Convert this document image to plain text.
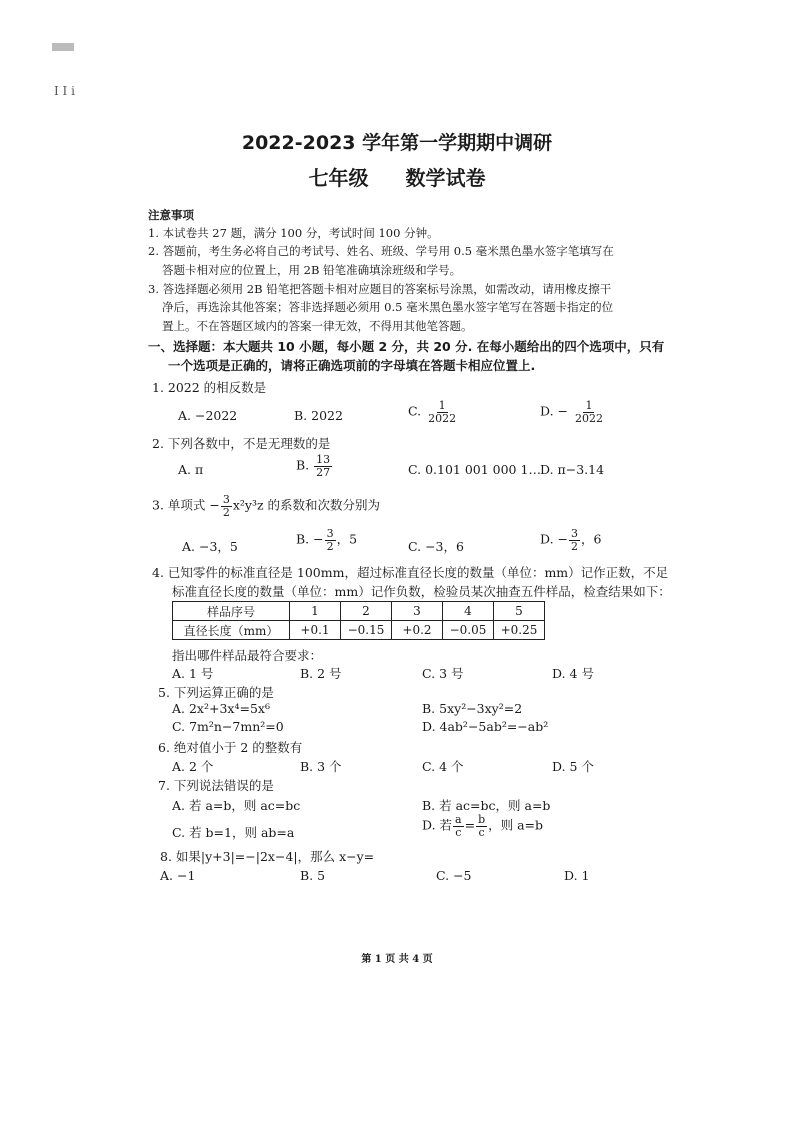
I I i
2022-2023 学年第一学期期中调研
七年级 数学试卷
注意事项
1. 本试卷共 27 题，满分 100 分，考试时间 100 分钟。
2. 答题前，考生务必将自己的考试号、姓名、班级、学号用 0.5 毫米黑色墨水签字笔填写在
答题卡相对应的位置上，用 2B 铅笔准确填涂班级和学号。
3. 答选择题必须用 2B 铅笔把答题卡相对应题目的答案标号涂黑，如需改动，请用橡皮擦干
净后，再选涂其他答案；答非选择题必须用 0.5 毫米黑色墨水签字笔写在答题卡指定的位
置上。不在答题区域内的答案一律无效，不得用其他笔答题。
一、选择题：本大题共 10 小题，每小题 2 分，共 20 分. 在每小题给出的四个选项中，只有
一个选项是正确的，请将正确选项前的字母填在答题卡相应位置上.
1. 2022 的相反数是
A. −2022	B. 2022	C. $\frac{1}{2022}$	D. − $\frac{1}{2022}$
2. 下列各数中，不是无理数的是
A. π	B. $\frac{13}{27}$	C. 0.101 001 000 1… D. π−3.14
3. 单项式 − $\frac{3}{2} x^2y^3z$ 的系数和次数分别为
A. −3，5	B. − $\frac{3}{2}$ ，5	C. −3，6	D. − $\frac{3}{2}$ ，6
4. 已知零件的标准直径是 100mm，超过标准直径长度的数量（单位：mm）记作正数，不足
标准直径长度的数量（单位：mm）记作负数，检验员某次抽查五件样品，检查结果如下：
样品序号	1	2	3	4	5
直径长度（mm）	+0.1	−0.15	+0.2	−0.05	+0.25
指出哪件样品最符合要求：
A. 1 号	B. 2 号	C. 3 号	D. 4 号
5. 下列运算正确的是
A. 2x²+3x⁴=5x⁶	B. 5xy²−3xy²=2
C. 7m²n−7mn²=0	D. 4ab²−5ab²=−ab²
6. 绝对值小于 2 的整数有
A. 2 个	B. 3 个	C. 4 个	D. 5 个
7. 下列说法错误的是
A. 若 a=b，则 ac=bc	B. 若 ac=bc，则 a=b
C. 若 b=1，则 ab=a	D. 若 $\frac{a}{c} = \frac{b}{c}$ ，则 a=b
8. 如果|y+3|=−|2x−4|，那么 x−y=
A. −1	B. 5	C. −5	D. 1
第 1 页 共 4 页
